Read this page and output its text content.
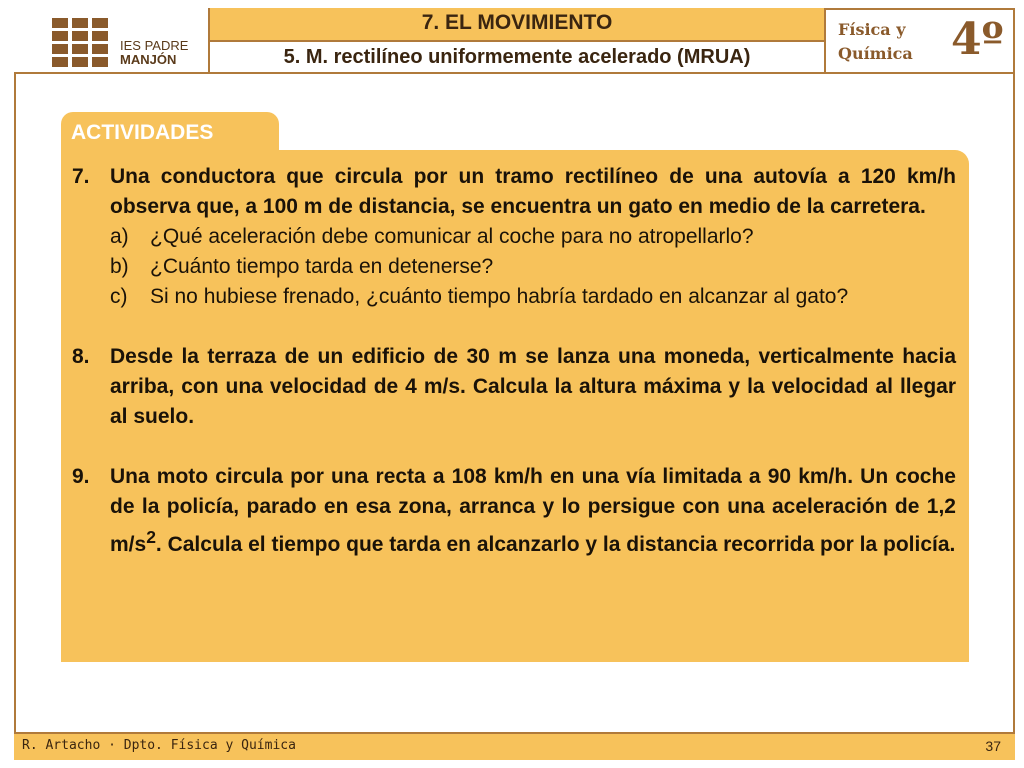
IES PADRE
MANJÓN
7. EL MOVIMIENTO
5. M. rectilíneo uniformemente acelerado (MRUA)
Física y
Química 4º
ACTIVIDADES
7. Una conductora que circula por un tramo rectilíneo de una autovía a 120 km/h observa que, a 100 m de distancia, se encuentra un gato en medio de la carretera.
a) ¿Qué aceleración debe comunicar al coche para no atropellarlo?
b) ¿Cuánto tiempo tarda en detenerse?
c) Si no hubiese frenado, ¿cuánto tiempo habría tardado en alcanzar al gato?
8. Desde la terraza de un edificio de 30 m se lanza una moneda, verticalmente hacia arriba, con una velocidad de 4 m/s. Calcula la altura máxima y la velocidad al llegar al suelo.
9. Una moto circula por una recta a 108 km/h en una vía limitada a 90 km/h. Un coche de la policía, parado en esa zona, arranca y lo persigue con una aceleración de 1,2 $m/s^2$. Calcula el tiempo que tarda en alcanzarlo y la distancia recorrida por la policía.
R. Artacho · Dpto. Física y Química	37
